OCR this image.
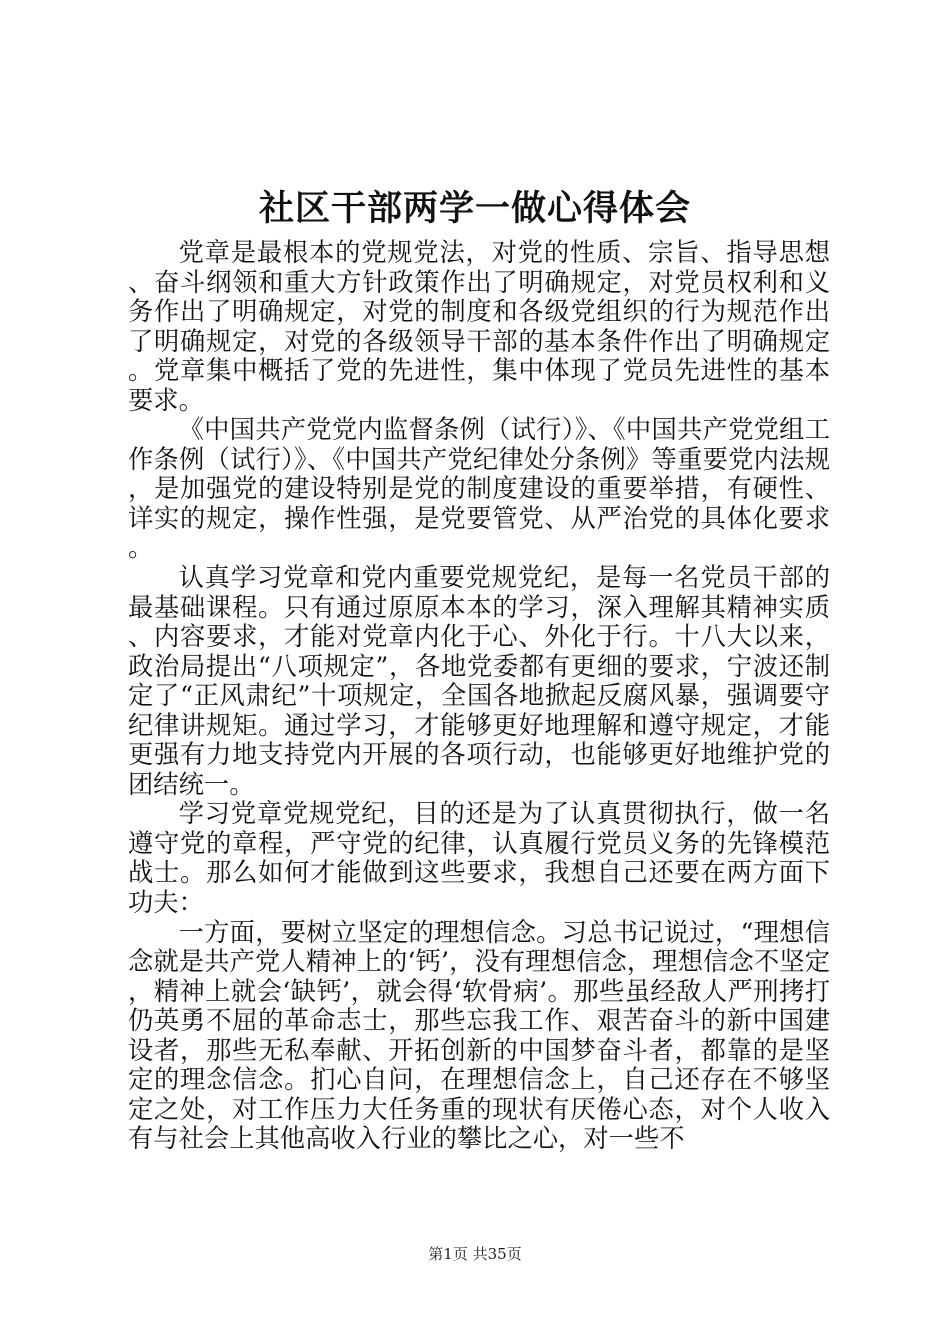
社区干部两学一做心得体会

党章是最根本的党规党法，对党的性质、宗旨、指导思想、奋斗纲领和重大方针政策作出了明确规定，对党员权利和义务作出了明确规定，对党的制度和各级党组织的行为规范作出了明确规定，对党的各级领导干部的基本条件作出了明确规定。党章集中概括了党的先进性，集中体现了党员先进性的基本要求。

《中国共产党党内监督条例（试行）》、《中国共产党党组工作条例（试行）》、《中国共产党纪律处分条例》等重要党内法规，是加强党的建设特别是党的制度建设的重要举措，有硬性、详实的规定，操作性强，是党要管党、从严治党的具体化要求。

认真学习党章和党内重要党规党纪，是每一名党员干部的最基础课程。只有通过原原本本的学习，深入理解其精神实质、内容要求，才能对党章内化于心、外化于行。十八大以来，政治局提出“八项规定”，各地党委都有更细的要求，宁波还制定了“正风肃纪”十项规定，全国各地掀起反腐风暴，强调要守纪律讲规矩。通过学习，才能够更好地理解和遵守规定，才能更强有力地支持党内开展的各项行动，也能够更好地维护党的团结统一。

学习党章党规党纪，目的还是为了认真贯彻执行，做一名遵守党的章程，严守党的纪律，认真履行党员义务的先锋模范战士。那么如何才能做到这些要求，我想自己还要在两方面下功夫：

一方面，要树立坚定的理想信念。习总书记说过，“理想信念就是共产党人精神上的‘钙’，没有理想信念，理想信念不坚定，精神上就会‘缺钙’，就会得‘软骨病’。那些虽经敌人严刑拷打仍英勇不屈的革命志士，那些忘我工作、艰苦奋斗的新中国建设者，那些无私奉献、开拓创新的中国梦奋斗者，都靠的是坚定的理念信念。扪心自问，在理想信念上，自己还存在不够坚定之处，对工作压力大任务重的现状有厌倦心态，对个人收入有与社会上其他高收入行业的攀比之心，对一些不

第1页 共35页
